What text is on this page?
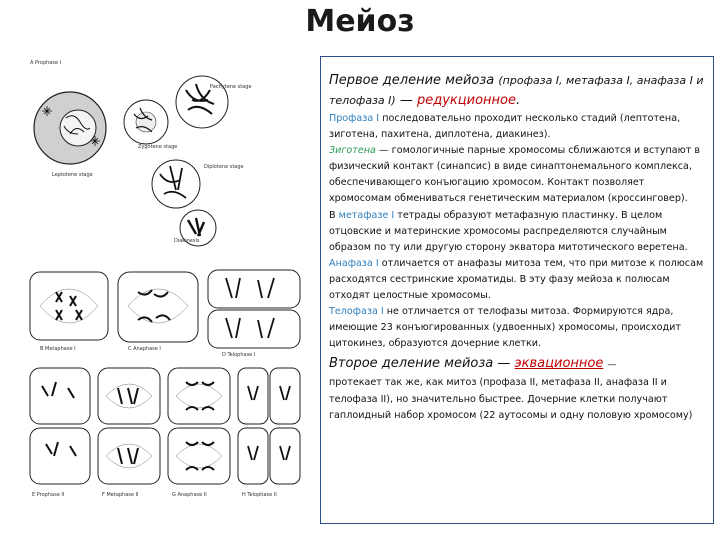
Мейоз
A Prophase I
Leptotene stage
Zygotene stage
Pachytene stage
Diplotene stage
Diakinesis
B Metaphase I	C Anaphase I
D Telophase I
E Prophase II	F Metaphase II	G Anaphase II	H Telophase II
Первое деление мейоза (профаза I, метафаза I, анафаза I и телофаза I) — редукционное.
Профаза I последовательно проходит несколько стадий (лептотена, зиготена, пахитена, диплотена, диакинез).
Зиготена — гомологичные парные хромосомы сближаются и вступают в физический контакт (синапсис) в виде синаптонемального комплекса, обеспечивающего конъюгацию хромосом. Контакт позволяет хромосомам обмениваться генетическим материалом (кроссинговер).
В метафазе I тетрады образуют метафазную пластинку. В целом отцовские и материнские хромосомы распределяются случайным образом по ту или другую сторону экватора митотического веретена.
Анафаза I отличается от анафазы митоза тем, что при митозе к полюсам расходятся сестринские хроматиды. В эту фазу мейоза к полюсам отходят целостные хромосомы.
Телофаза I не отличается от телофазы митоза. Формируются ядра, имеющие 23 конъюгированных (удвоенных) хромосомы, происходит цитокинез, образуются дочерние клетки.
Второе деление мейоза — эквационное —
протекает так же, как митоз (профаза II, метафаза II, анафаза II и телофаза II), но значительно быстрее. Дочерние клетки получают гаплоидный набор хромосом (22 аутосомы и одну половую хромосому)
